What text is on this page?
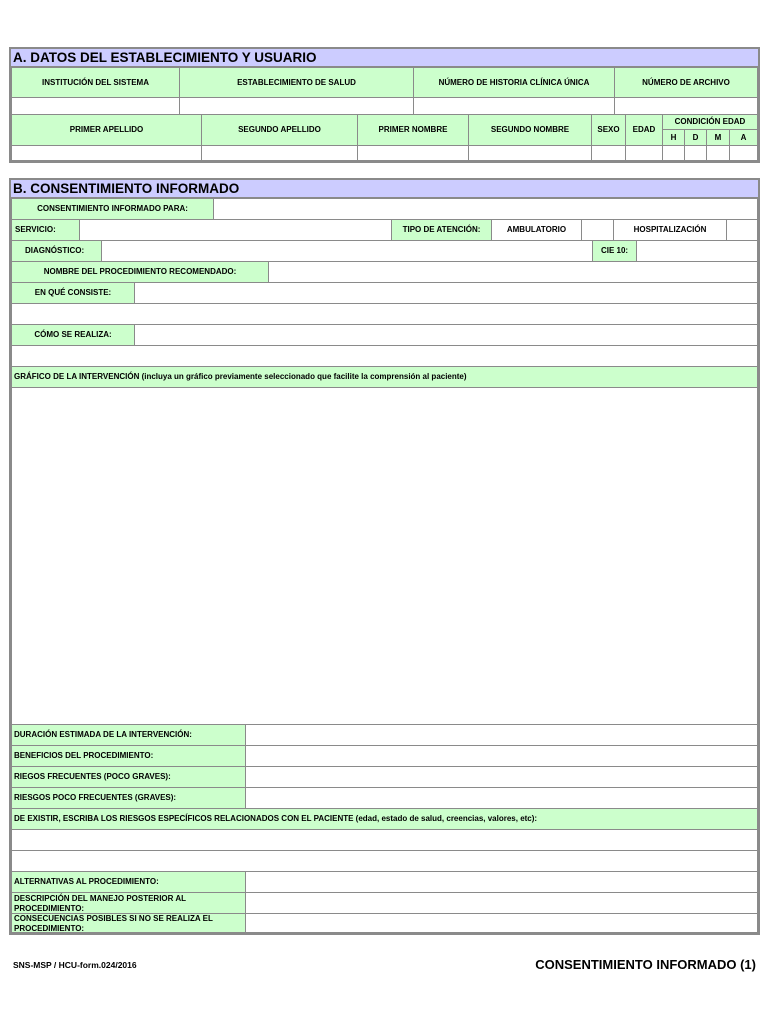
A. DATOS DEL ESTABLECIMIENTO Y USUARIO
INSTITUCIÓN DEL SISTEMA	ESTABLECIMIENTO DE SALUD	NÚMERO DE HISTORIA CLÍNICA ÚNICA	NÚMERO DE ARCHIVO
PRIMER APELLIDO	SEGUNDO APELLIDO	PRIMER NOMBRE	SEGUNDO NOMBRE	SEXO	EDAD
CONDICIÓN EDAD
H	D	M	A
B. CONSENTIMIENTO INFORMADO
CONSENTIMIENTO INFORMADO PARA:
SERVICIO:	TIPO DE ATENCIÓN:	AMBULATORIO	HOSPITALIZACIÓN
DIAGNÓSTICO:	CIE 10:
NOMBRE DEL PROCEDIMIENTO RECOMENDADO:
EN QUÉ CONSISTE:
CÓMO SE REALIZA:
GRÁFICO DE LA INTERVENCIÓN (incluya un gráfico previamente seleccionado que facilite la comprensión al paciente)
DURACIÓN ESTIMADA DE LA INTERVENCIÓN:
BENEFICIOS DEL PROCEDIMIENTO:
RIEGOS FRECUENTES (POCO GRAVES):
RIESGOS POCO FRECUENTES (GRAVES):
DE EXISTIR, ESCRIBA LOS RIESGOS ESPECÍFICOS RELACIONADOS CON EL PACIENTE (edad, estado de salud, creencias, valores, etc):
ALTERNATIVAS AL PROCEDIMIENTO:
DESCRIPCIÓN DEL MANEJO POSTERIOR AL PROCEDIMIENTO:
CONSECUENCIAS POSIBLES SI NO SE REALIZA EL PROCEDIMIENTO:
SNS-MSP / HCU-form.024/2016	CONSENTIMIENTO INFORMADO (1)
